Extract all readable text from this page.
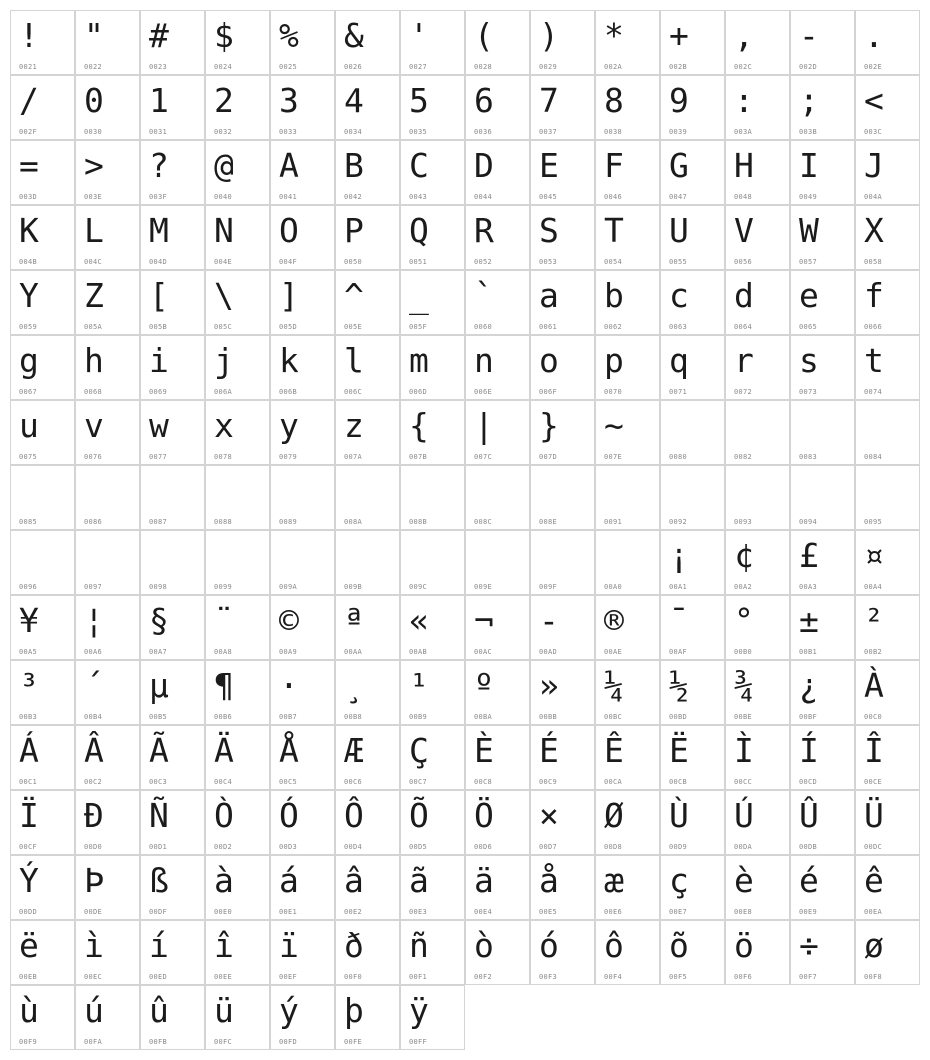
!
0021
"
0022
#
0023
$
0024
%
0025
&
0026
'
0027
(
0028
)
0029
*
002A
+
002B
,
002C
-
002D
.
002E
/
002F
0
0030
1
0031
2
0032
3
0033
4
0034
5
0035
6
0036
7
0037
8
0038
9
0039
:
003A
;
003B
<
003C
=
003D
>
003E
?
003F
@
0040
A
0041
B
0042
C
0043
D
0044
E
0045
F
0046
G
0047
H
0048
I
0049
J
004A
K
004B
L
004C
M
004D
N
004E
O
004F
P
0050
Q
0051
R
0052
S
0053
T
0054
U
0055
V
0056
W
0057
X
0058
Y
0059
Z
005A
[
005B
\
005C
]
005D
^
005E
_
005F
`
0060
a
0061
b
0062
c
0063
d
0064
e
0065
f
0066
g
0067
h
0068
i
0069
j
006A
k
006B
l
006C
m
006D
n
006E
o
006F
p
0070
q
0071
r
0072
s
0073
t
0074
u
0075
v
0076
w
0077
x
0078
y
0079
z
007A
{
007B
|
007C
}
007D
~
007E	0080	0082	0083	0084
0085	0086	0087	0088	0089	008A	008B	008C	008E	0091	0092	0093	0094	0095
0096	0097	0098	0099	009A	009B	009C	009E	009F	00A0
¡
00A1
¢
00A2
£
00A3
¤
00A4
¥
00A5
¦
00A6
§
00A7
¨
00A8
©
00A9
ª
00AA
«
00AB
¬
00AC
-
00AD
®
00AE
¯
00AF
°
00B0
±
00B1
²
00B2
³
00B3
´
00B4
µ
00B5
¶
00B6
·
00B7
¸
00B8
¹
00B9
º
00BA
»
00BB
¼
00BC
½
00BD
¾
00BE
¿
00BF
À
00C0
Á
00C1
Â
00C2
Ã
00C3
Ä
00C4
Å
00C5
Æ
00C6
Ç
00C7
È
00C8
É
00C9
Ê
00CA
Ë
00CB
Ì
00CC
Í
00CD
Î
00CE
Ï
00CF
Ð
00D0
Ñ
00D1
Ò
00D2
Ó
00D3
Ô
00D4
Õ
00D5
Ö
00D6
×
00D7
Ø
00D8
Ù
00D9
Ú
00DA
Û
00DB
Ü
00DC
Ý
00DD
Þ
00DE
ß
00DF
à
00E0
á
00E1
â
00E2
ã
00E3
ä
00E4
å
00E5
æ
00E6
ç
00E7
è
00E8
é
00E9
ê
00EA
ë
00EB
ì
00EC
í
00ED
î
00EE
ï
00EF
ð
00F0
ñ
00F1
ò
00F2
ó
00F3
ô
00F4
õ
00F5
ö
00F6
÷
00F7
ø
00F8
ù
00F9
ú
00FA
û
00FB
ü
00FC
ý
00FD
þ
00FE
ÿ
00FF
